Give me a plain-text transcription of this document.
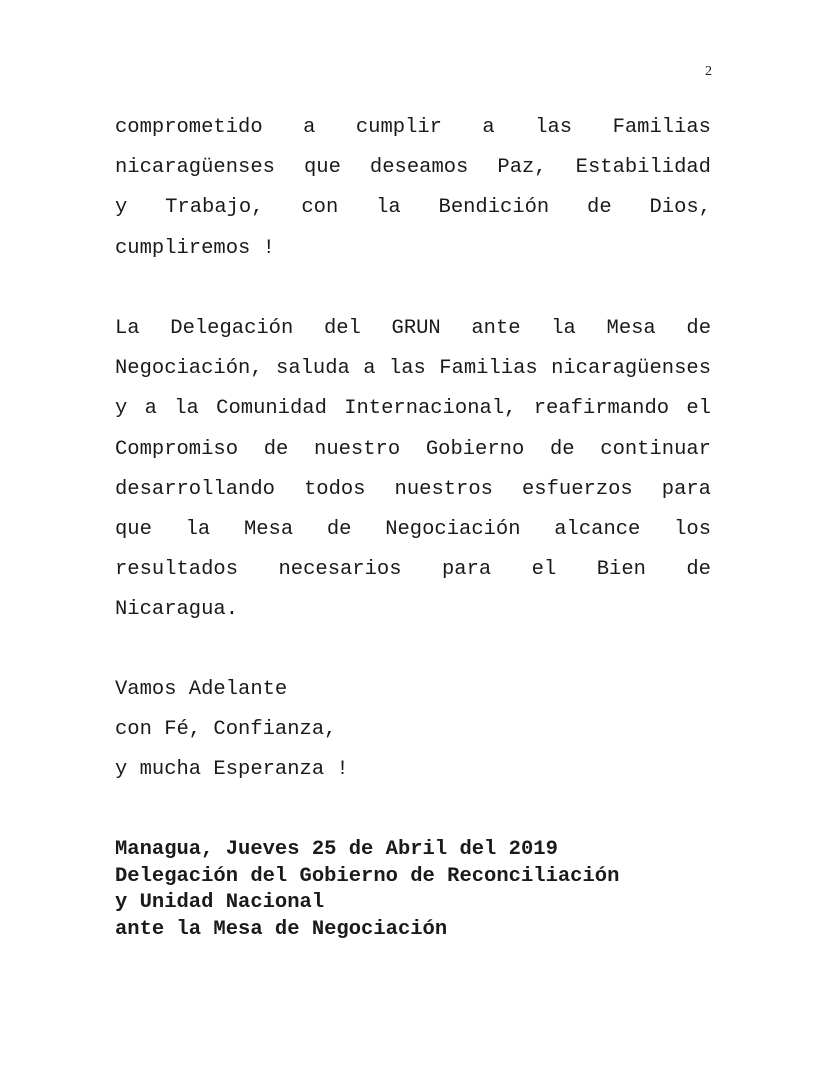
2
comprometido a cumplir a las Familias
nicaragüenses que deseamos Paz, Estabilidad
y Trabajo, con la Bendición de Dios,
cumpliremos !
La Delegación del GRUN ante la Mesa de
Negociación, saluda a las Familias nicaragüenses
y a la Comunidad Internacional, reafirmando el
Compromiso de nuestro Gobierno de continuar
desarrollando todos nuestros esfuerzos para
que la Mesa de Negociación alcance los
resultados necesarios para el Bien de
Nicaragua.
Vamos Adelante
con Fé, Confianza,
y mucha Esperanza !
Managua, Jueves 25 de Abril del 2019
Delegación del Gobierno de Reconciliación
y Unidad Nacional
ante la Mesa de Negociación
